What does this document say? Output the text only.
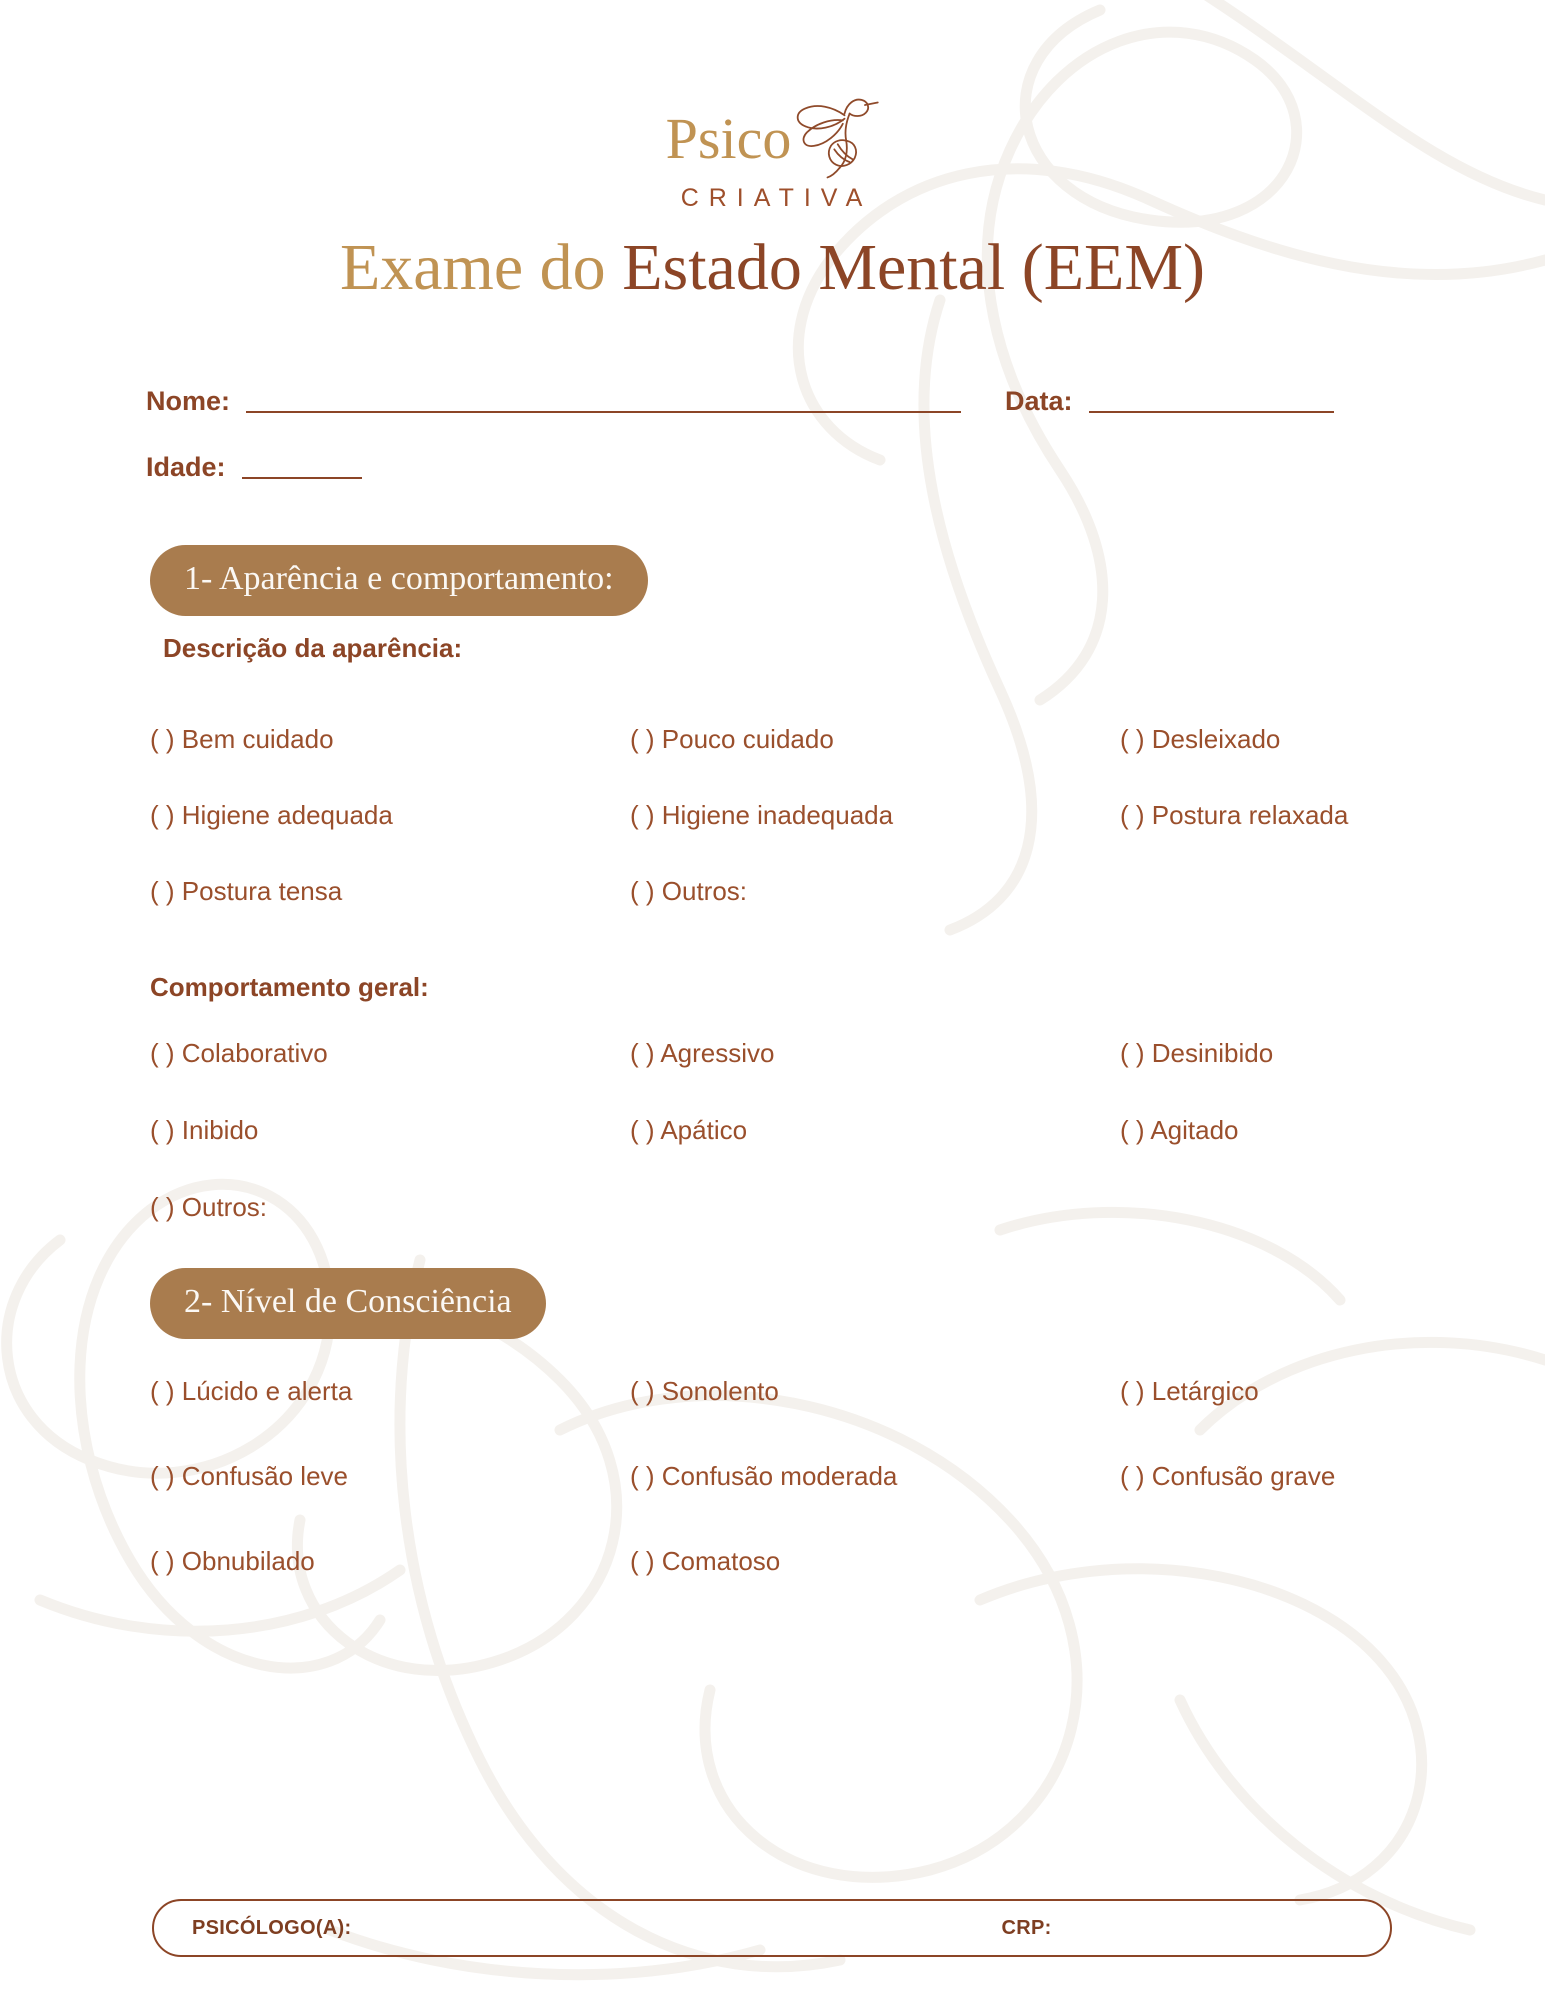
Psico
CRIATIVA
Exame do Estado Mental (EEM)
Nome:	Data:
Idade:
1- Aparência e comportamento:
Descrição da aparência:
( ) Bem cuidado	( ) Pouco cuidado	( ) Desleixado
( ) Higiene adequada	( ) Higiene inadequada	( ) Postura relaxada
( ) Postura tensa	( ) Outros:
Comportamento geral:
( ) Colaborativo	( ) Agressivo	( ) Desinibido
( ) Inibido	( ) Apático	( ) Agitado
( ) Outros:
2- Nível de Consciência
( ) Lúcido e alerta	( ) Sonolento	( ) Letárgico
( ) Confusão leve	( ) Confusão moderada	( ) Confusão grave
( ) Obnubilado	( ) Comatoso
PSICÓLOGO(A):	CRP:
